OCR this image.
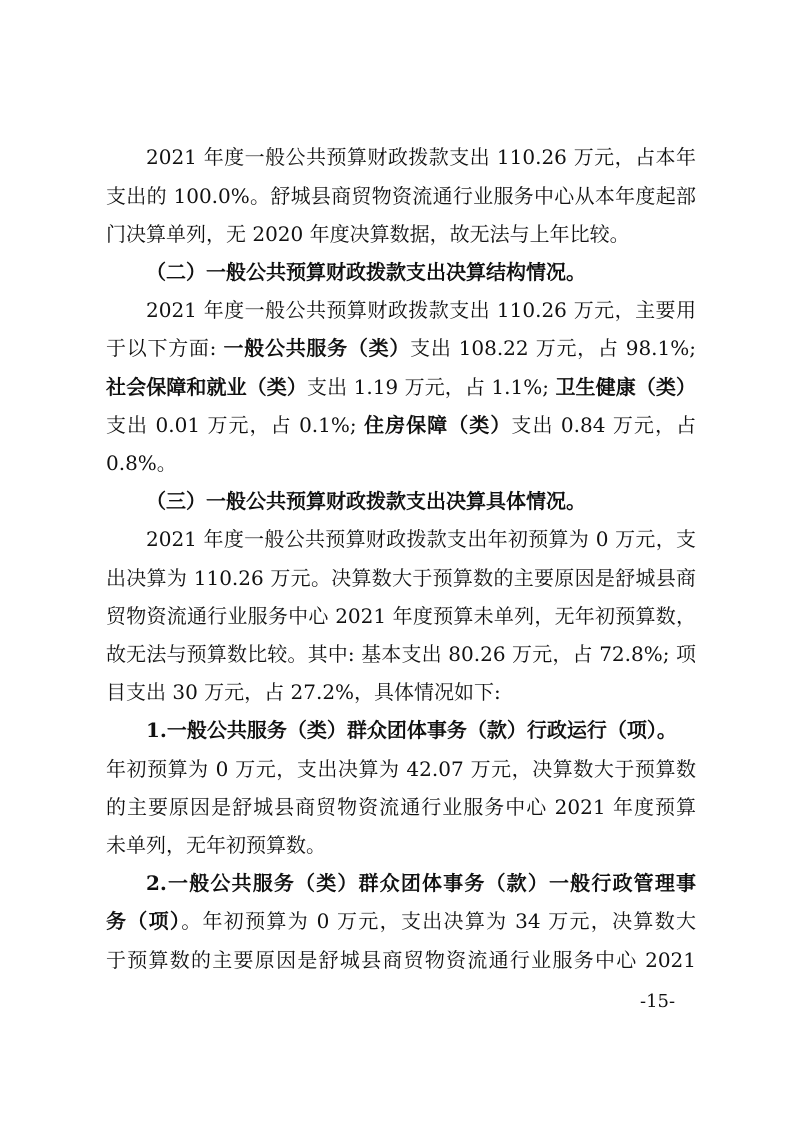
2021 年度一般公共预算财政拨款支出 110.26 万元，占本年
支出的 100.0%。舒城县商贸物资流通行业服务中心从本年度起部
门决算单列，无 2020 年度决算数据，故无法与上年比较。
（二）一般公共预算财政拨款支出决算结构情况。
2021 年度一般公共预算财政拨款支出 110.26 万元，主要用
于以下方面: 一般公共服务（类）支出 108.22 万元，占 98.1%;
社会保障和就业（类）支出 1.19 万元，占 1.1%; 卫生健康（类）
支出 0.01 万元，占 0.1%; 住房保障（类）支出 0.84 万元，占
0.8%。
（三）一般公共预算财政拨款支出决算具体情况。
2021 年度一般公共预算财政拨款支出年初预算为 0 万元，支
出决算为 110.26 万元。决算数大于预算数的主要原因是舒城县商
贸物资流通行业服务中心 2021 年度预算未单列，无年初预算数，
故无法与预算数比较。其中: 基本支出 80.26 万元，占 72.8%; 项
目支出 30 万元，占 27.2%，具体情况如下:
1.一般公共服务（类）群众团体事务（款）行政运行（项）。
年初预算为 0 万元，支出决算为 42.07 万元，决算数大于预算数
的主要原因是舒城县商贸物资流通行业服务中心 2021 年度预算
未单列，无年初预算数。
2.一般公共服务（类）群众团体事务（款）一般行政管理事
务（项）。年初预算为 0 万元，支出决算为 34 万元，决算数大
于预算数的主要原因是舒城县商贸物资流通行业服务中心 2021
-15-
